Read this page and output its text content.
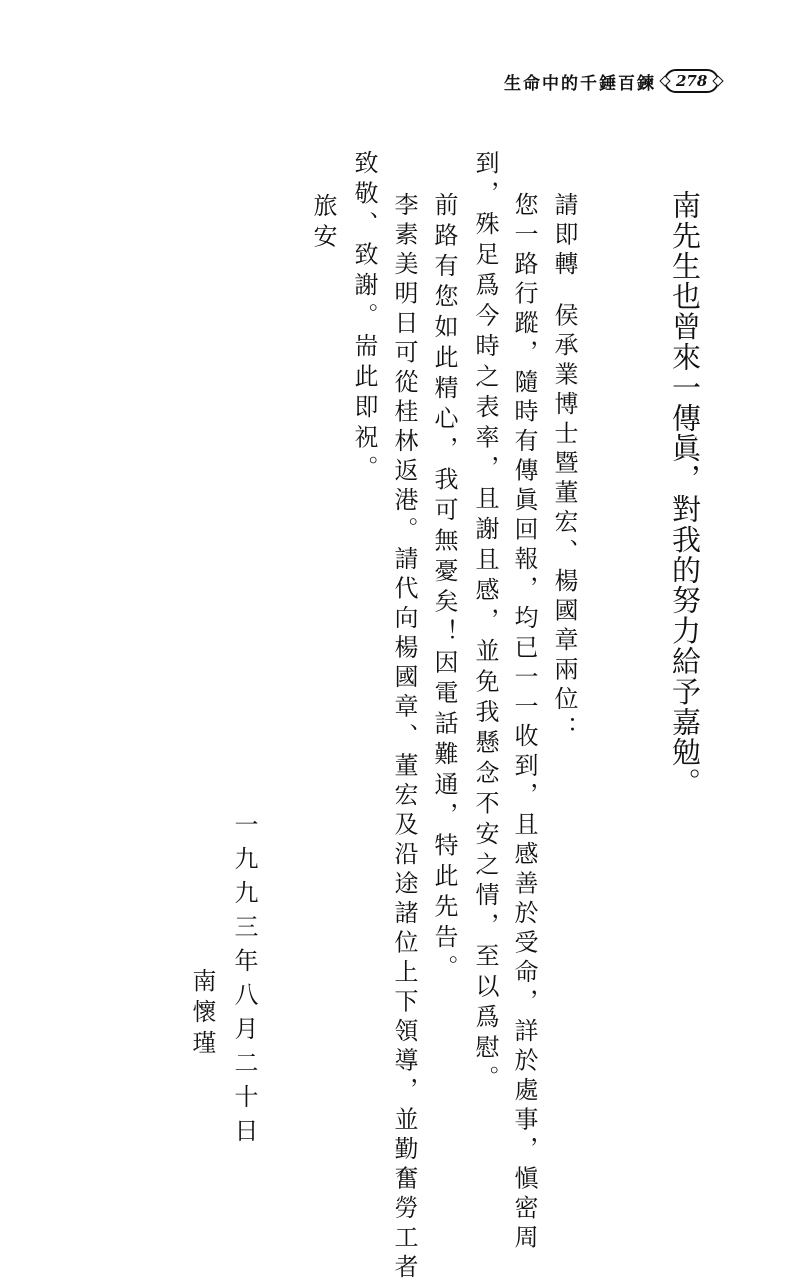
生命中的千錘百鍊	278
南先生也曾來一傳眞，對我的努力給予嘉勉。
請即轉侯承業博士暨董宏、楊國章兩位：
您一路行蹤，隨時有傳眞回報，均已一一收到，且感善於受命，詳於處事，愼密周
到，殊足爲今時之表率，且謝且感，並免我懸念不安之情，至以爲慰。
前路有您如此精心，我可無憂矣！因電話難通，特此先告。
李素美明日可從桂林返港。請代向楊國章、董宏及沿途諸位上下領導，並勤奮勞工者
致敬、致謝。耑此即祝。
旅安
一九九三年八月二十日
南懷瑾
